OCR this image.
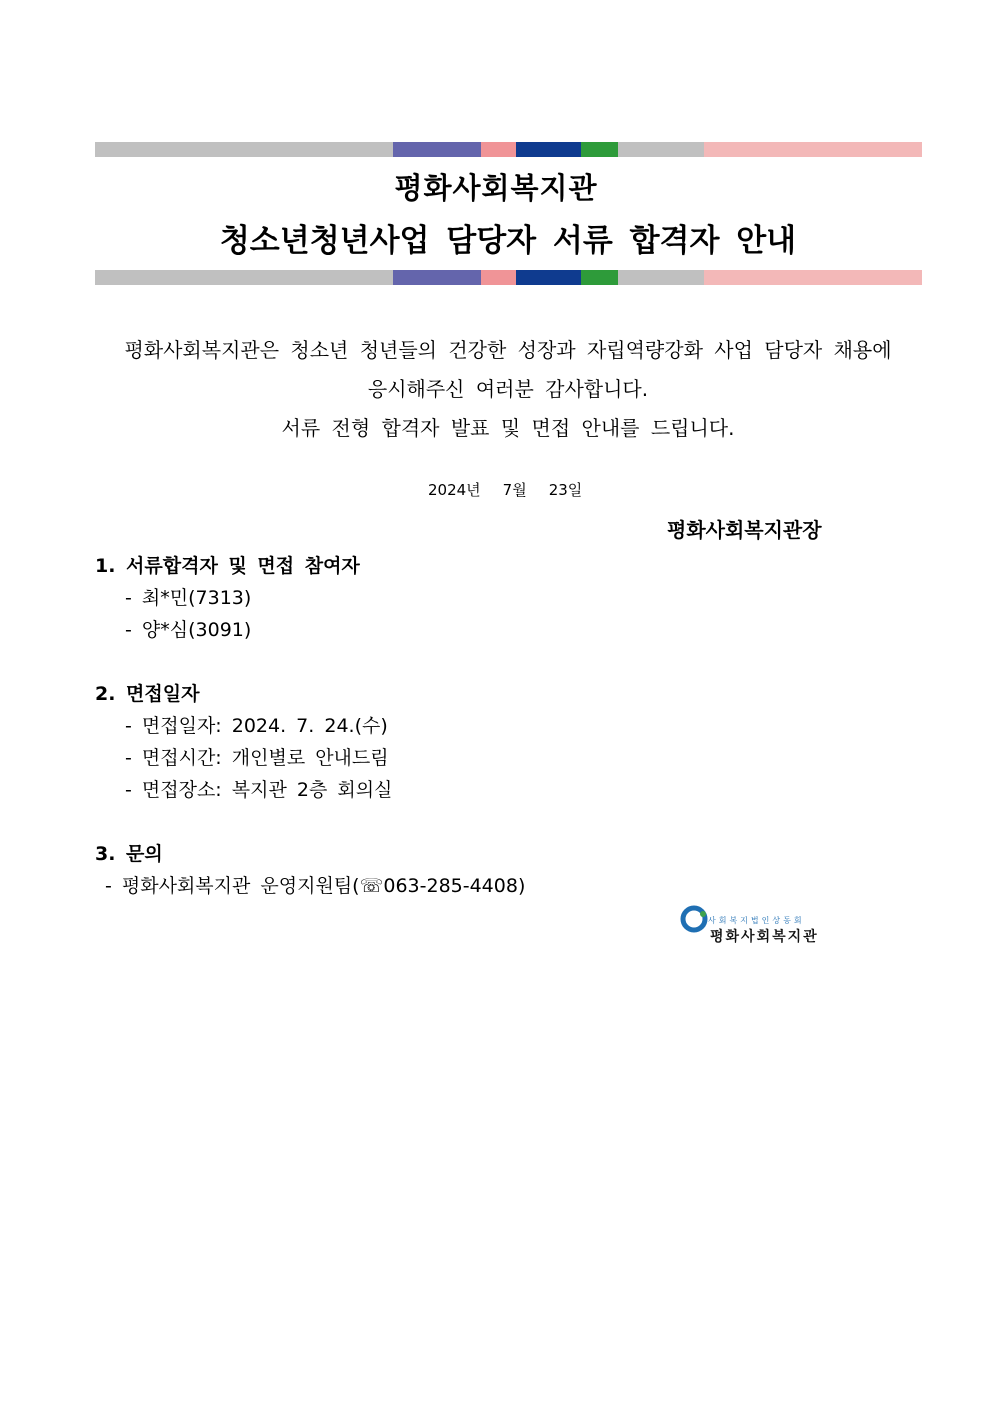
평화사회복지관
청소년청년사업 담당자 서류 합격자 안내
평화사회복지관은 청소년 청년들의 건강한 성장과 자립역량강화 사업 담당자 채용에
응시해주신 여러분 감사합니다.
서류 전형 합격자 발표 및 면접 안내를 드립니다.
2024년 7월 23일
평화사회복지관장
1. 서류합격자 및 면접 참여자
- 최*민(7313)
- 양*심(3091)
2. 면접일자
- 면접일자: 2024. 7. 24.(수)
- 면접시간: 개인별로 안내드림
- 면접장소: 복지관 2층 회의실
3. 문의
- 평화사회복지관 운영지원팀(☏063-285-4408)
사회복지법인상동회
평화사회복지관
